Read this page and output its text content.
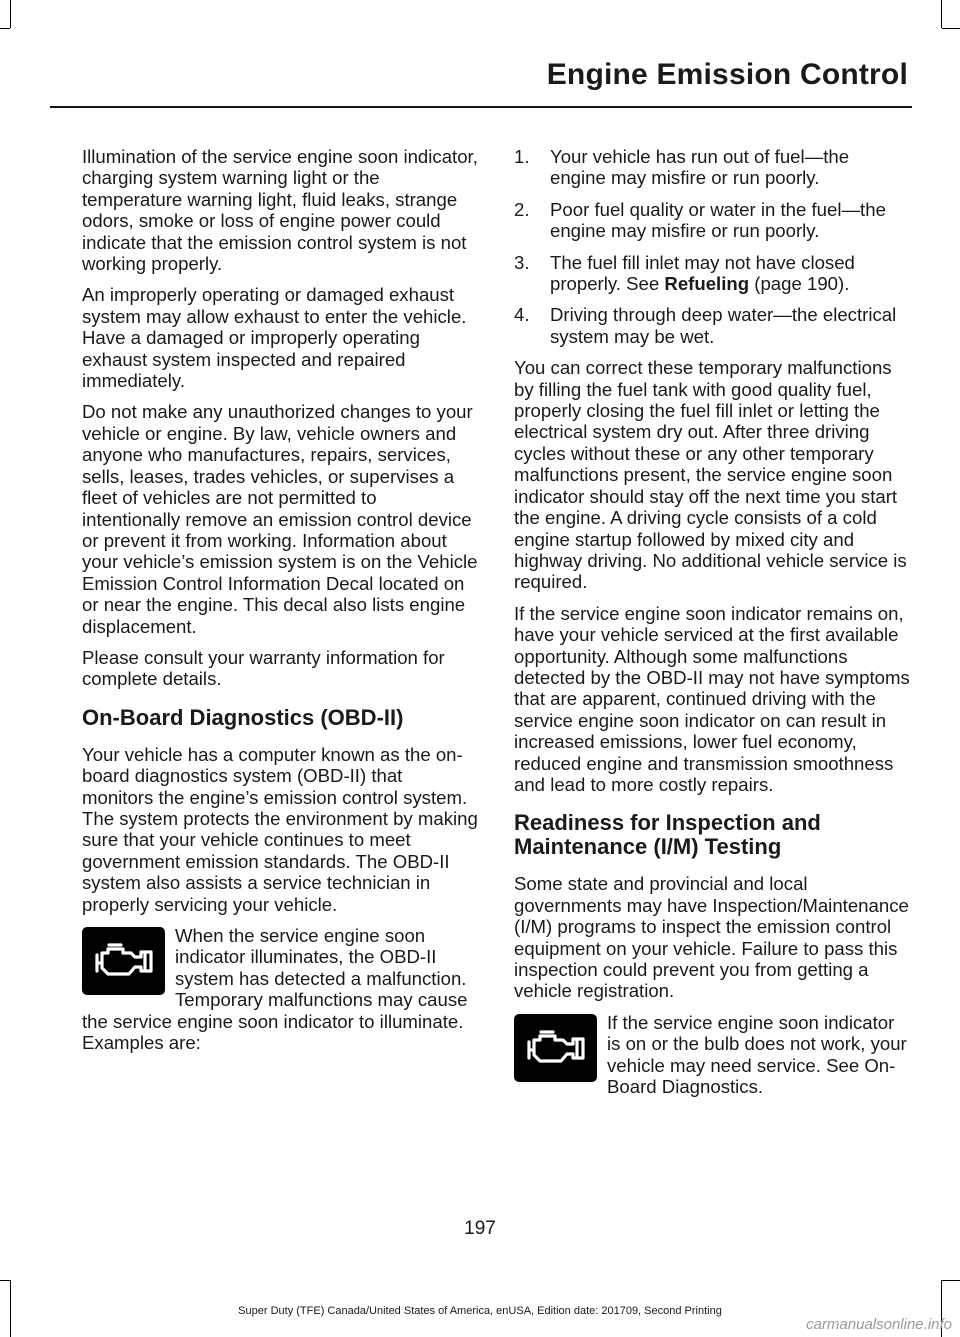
Engine Emission Control

Illumination of the service engine soon indicator, charging system warning light or the temperature warning light, fluid leaks, strange odors, smoke or loss of engine power could indicate that the emission control system is not working properly.

An improperly operating or damaged exhaust system may allow exhaust to enter the vehicle. Have a damaged or improperly operating exhaust system inspected and repaired immediately.

Do not make any unauthorized changes to your vehicle or engine. By law, vehicle owners and anyone who manufactures, repairs, services, sells, leases, trades vehicles, or supervises a fleet of vehicles are not permitted to intentionally remove an emission control device or prevent it from working. Information about your vehicle’s emission system is on the Vehicle Emission Control Information Decal located on or near the engine. This decal also lists engine displacement.

Please consult your warranty information for complete details.

On-Board Diagnostics (OBD-II)

Your vehicle has a computer known as the on-board diagnostics system (OBD-II) that monitors the engine’s emission control system. The system protects the environment by making sure that your vehicle continues to meet government emission standards. The OBD-II system also assists a service technician in properly servicing your vehicle.

When the service engine soon indicator illuminates, the OBD-II system has detected a malfunction. Temporary malfunctions may cause the service engine soon indicator to illuminate. Examples are:
1. Your vehicle has run out of fuel—the engine may misfire or run poorly.
2. Poor fuel quality or water in the fuel—the engine may misfire or run poorly.
3. The fuel fill inlet may not have closed properly. See Refueling (page 190).
4. Driving through deep water—the electrical system may be wet.

You can correct these temporary malfunctions by filling the fuel tank with good quality fuel, properly closing the fuel fill inlet or letting the electrical system dry out. After three driving cycles without these or any other temporary malfunctions present, the service engine soon indicator should stay off the next time you start the engine. A driving cycle consists of a cold engine startup followed by mixed city and highway driving. No additional vehicle service is required.

If the service engine soon indicator remains on, have your vehicle serviced at the first available opportunity. Although some malfunctions detected by the OBD-II may not have symptoms that are apparent, continued driving with the service engine soon indicator on can result in increased emissions, lower fuel economy, reduced engine and transmission smoothness and lead to more costly repairs.

Readiness for Inspection and Maintenance (I/M) Testing

Some state and provincial and local governments may have Inspection/Maintenance (I/M) programs to inspect the emission control equipment on your vehicle. Failure to pass this inspection could prevent you from getting a vehicle registration.

If the service engine soon indicator is on or the bulb does not work, your vehicle may need service. See On-Board Diagnostics.

197

Super Duty (TFE) Canada/United States of America, enUSA, Edition date: 201709, Second Printing

carmanualsonline.info
